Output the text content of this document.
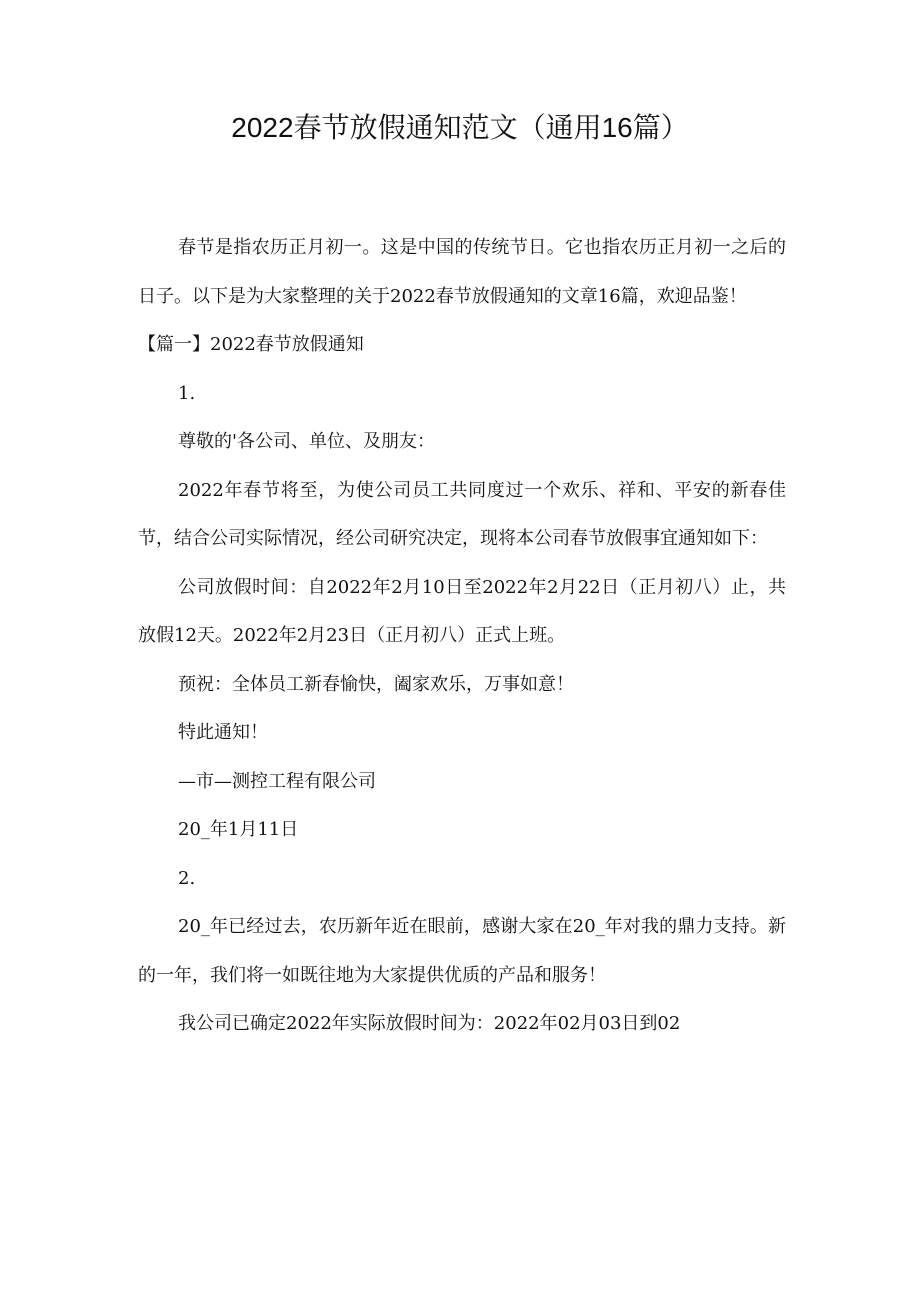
2022春节放假通知范文（通用16篇）

春节是指农历正月初一。这是中国的传统节日。它也指农历正月初一之后的日子。以下是为大家整理的关于2022春节放假通知的文章16篇，欢迎品鉴！

【篇一】2022春节放假通知

1.

尊敬的'各公司、单位、及朋友：

2022年春节将至，为使公司员工共同度过一个欢乐、祥和、平安的新春佳节，结合公司实际情况，经公司研究决定，现将本公司春节放假事宜通知如下：

公司放假时间：自2022年2月10日至2022年2月22日（正月初八）止，共放假12天。2022年2月23日（正月初八）正式上班。

预祝：全体员工新春愉快，阖家欢乐，万事如意！

特此通知！

—市—测控工程有限公司

20_年1月11日

2.

20_年已经过去，农历新年近在眼前，感谢大家在20_年对我的鼎力支持。新的一年，我们将一如既往地为大家提供优质的产品和服务！

我公司已确定2022年实际放假时间为：2022年02月03日到02
